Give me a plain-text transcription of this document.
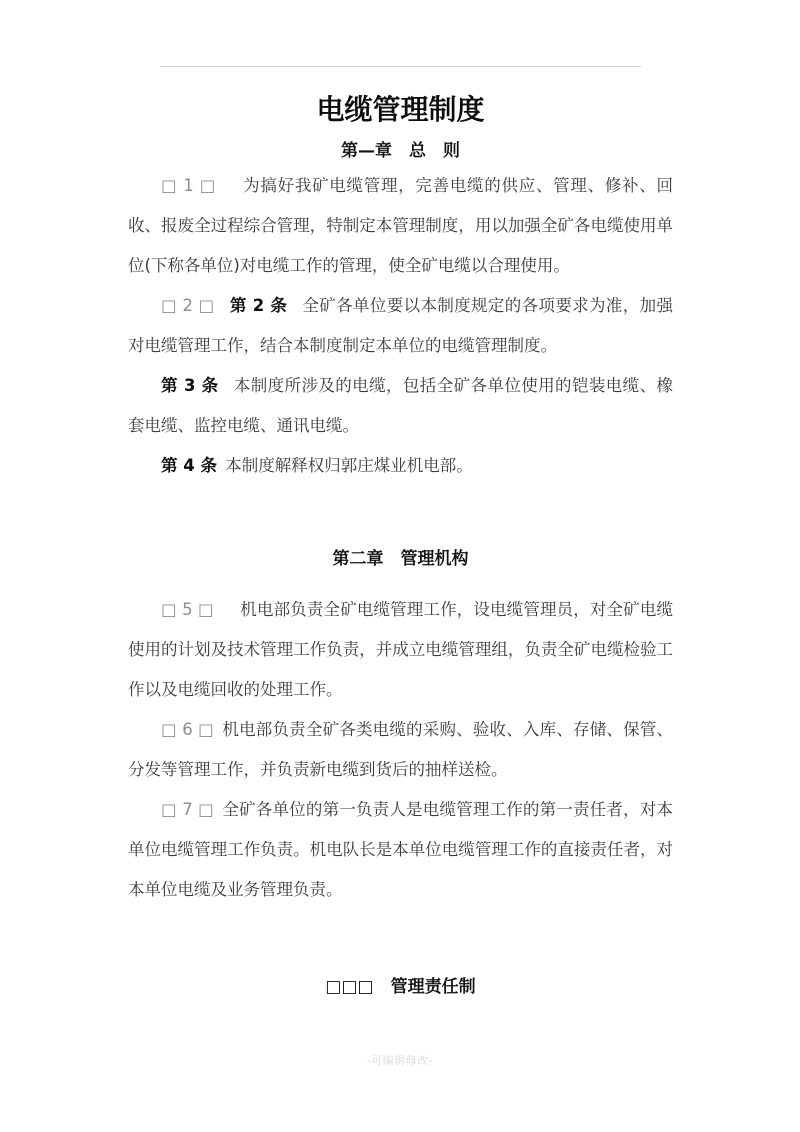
电缆管理制度
第—章　总　则

□ 1 □ 为搞好我矿电缆管理，完善电缆的供应、管理、修补、回收、报废全过程综合管理，特制定本管理制度，用以加强全矿各电缆使用单位(下称各单位)对电缆工作的管理，使全矿电缆以合理使用。

□ 2 □ 第 2 条 全矿各单位要以本制度规定的各项要求为准，加强对电缆管理工作，结合本制度制定本单位的电缆管理制度。

第 3 条 本制度所涉及的电缆，包括全矿各单位使用的铠装电缆、橡套电缆、监控电缆、通讯电缆。

第 4 条 本制度解释权归郭庄煤业机电部。

第二章　管理机构

□ 5 □ 机电部负责全矿电缆管理工作，设电缆管理员，对全矿电缆使用的计划及技术管理工作负责，并成立电缆管理组，负责全矿电缆检验工作以及电缆回收的处理工作。

□ 6 □ 机电部负责全矿各类电缆的采购、验收、入库、存储、保管、分发等管理工作，并负责新电缆到货后的抽样送检。

□ 7 □ 全矿各单位的第一负责人是电缆管理工作的第一责任者，对本单位电缆管理工作负责。机电队长是本单位电缆管理工作的直接责任者，对本单位电缆及业务管理负责。

□□□　管理责任制
-可编辑修改-
